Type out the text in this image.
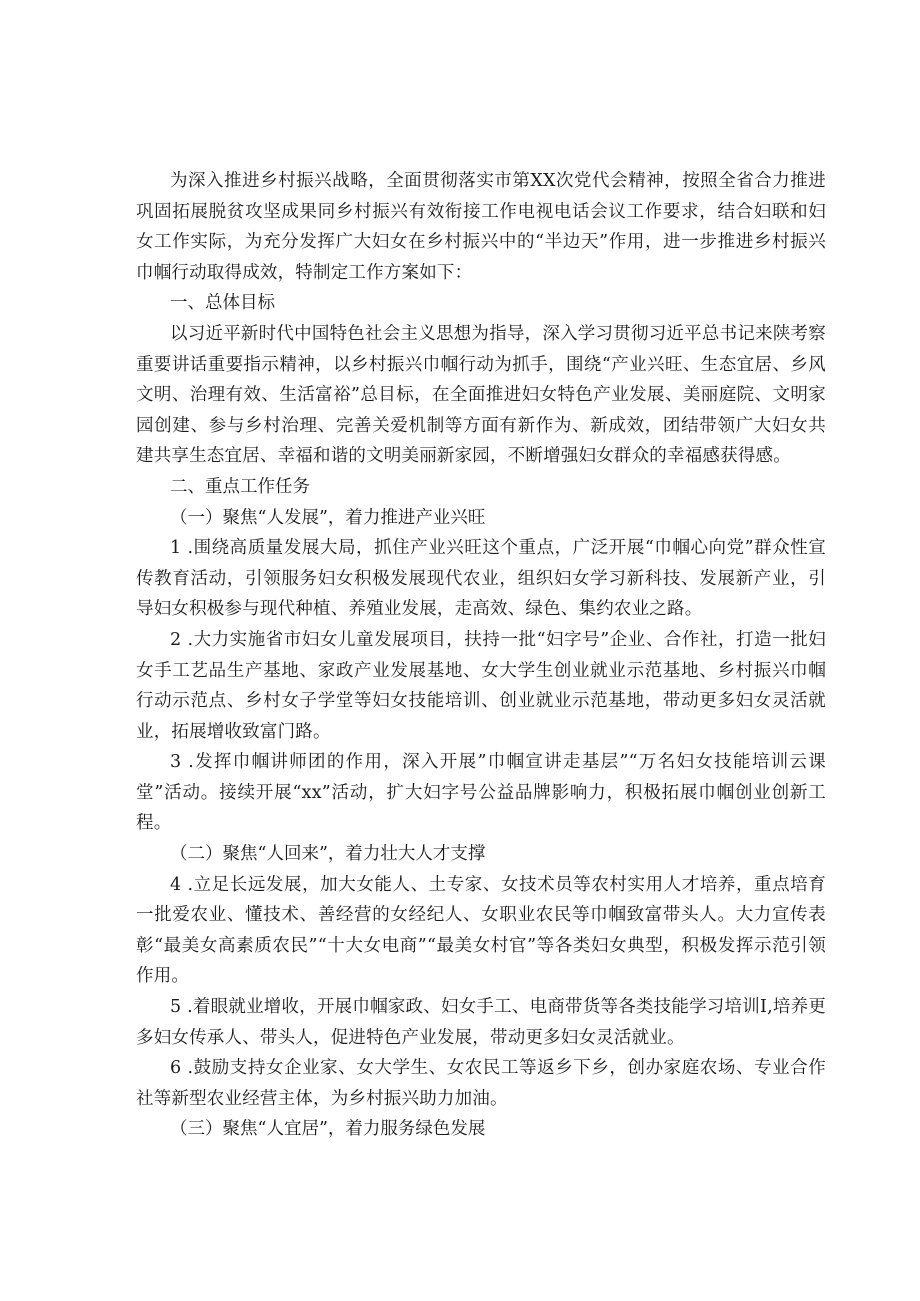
为深入推进乡村振兴战略，全面贯彻落实市第XX次党代会精神，按照全省合力推进巩固拓展脱贫攻坚成果同乡村振兴有效衔接工作电视电话会议工作要求，结合妇联和妇女工作实际，为充分发挥广大妇女在乡村振兴中的“半边天”作用，进一步推进乡村振兴巾帼行动取得成效，特制定工作方案如下：

一、总体目标

以习近平新时代中国特色社会主义思想为指导，深入学习贯彻习近平总书记来陕考察重要讲话重要指示精神，以乡村振兴巾帼行动为抓手，围绕“产业兴旺、生态宜居、乡风文明、治理有效、生活富裕”总目标，在全面推进妇女特色产业发展、美丽庭院、文明家园创建、参与乡村治理、完善关爱机制等方面有新作为、新成效，团结带领广大妇女共建共享生态宜居、幸福和谐的文明美丽新家园，不断增强妇女群众的幸福感获得感。

二、重点工作任务

（一）聚焦“人发展”，着力推进产业兴旺

1 .围绕高质量发展大局，抓住产业兴旺这个重点，广泛开展“巾帼心向党”群众性宣传教育活动，引领服务妇女积极发展现代农业，组织妇女学习新科技、发展新产业，引导妇女积极参与现代种植、养殖业发展，走高效、绿色、集约农业之路。

2 .大力实施省市妇女儿童发展项目，扶持一批“妇字号”企业、合作社，打造一批妇女手工艺品生产基地、家政产业发展基地、女大学生创业就业示范基地、乡村振兴巾帼行动示范点、乡村女子学堂等妇女技能培训、创业就业示范基地，带动更多妇女灵活就业，拓展增收致富门路。

3 .发挥巾帼讲师团的作用，深入开展”巾帼宣讲走基层”“万名妇女技能培训云课堂”活动。接续开展“xx”活动，扩大妇字号公益品牌影响力，积极拓展巾帼创业创新工程。

（二）聚焦“人回来”，着力壮大人才支撑

4 .立足长远发展，加大女能人、土专家、女技术员等农村实用人才培养，重点培育一批爱农业、懂技术、善经营的女经纪人、女职业农民等巾帼致富带头人。大力宣传表彰“最美女高素质农民”“十大女电商”“最美女村官”等各类妇女典型，积极发挥示范引领作用。

5 .着眼就业增收，开展巾帼家政、妇女手工、电商带货等各类技能学习培训I,培养更多妇女传承人、带头人，促进特色产业发展，带动更多妇女灵活就业。

6 .鼓励支持女企业家、女大学生、女农民工等返乡下乡，创办家庭农场、专业合作社等新型农业经营主体，为乡村振兴助力加油。

（三）聚焦“人宜居”，着力服务绿色发展
